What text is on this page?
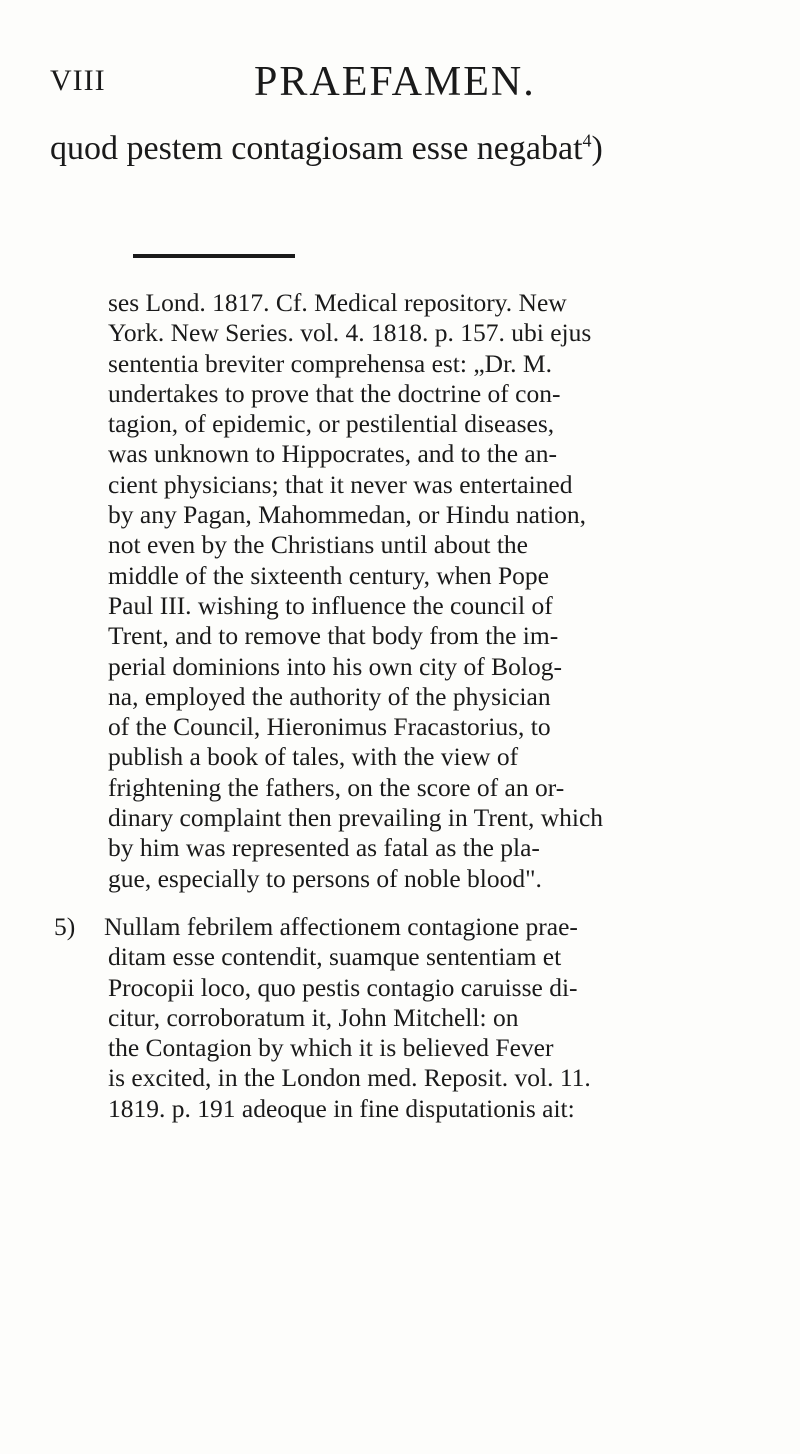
VIII	PRAEFAMEN.
quod pestem contagiosam esse negabat$^4$)
ses Lond. 1817. Cf. Medical repository. New
York. New Series. vol. 4. 1818. p. 157. ubi ejus
sententia breviter comprehensa est: „Dr. M.
undertakes to prove that the doctrine of con-
tagion, of epidemic, or pestilential diseases,
was unknown to Hippocrates, and to the an-
cient physicians; that it never was entertained
by any Pagan, Mahommedan, or Hindu nation,
not even by the Christians until about the
middle of the sixteenth century, when Pope
Paul III. wishing to influence the council of
Trent, and to remove that body from the im-
perial dominions into his own city of Bolog-
na, employed the authority of the physician
of the Council, Hieronimus Fracastorius, to
publish a book of tales, with the view of
frightening the fathers, on the score of an or-
dinary complaint then prevailing in Trent, which
by him was represented as fatal as the pla-
gue, especially to persons of noble blood".
5) Nullam febrilem affectionem contagione prae-
ditam esse contendit, suamque sententiam et
Procopii loco, quo pestis contagio caruisse di-
citur, corroboratum it, John Mitchell: on
the Contagion by which it is believed Fever
is excited, in the London med. Reposit. vol. 11.
1819. p. 191 adeoque in fine disputationis ait:
